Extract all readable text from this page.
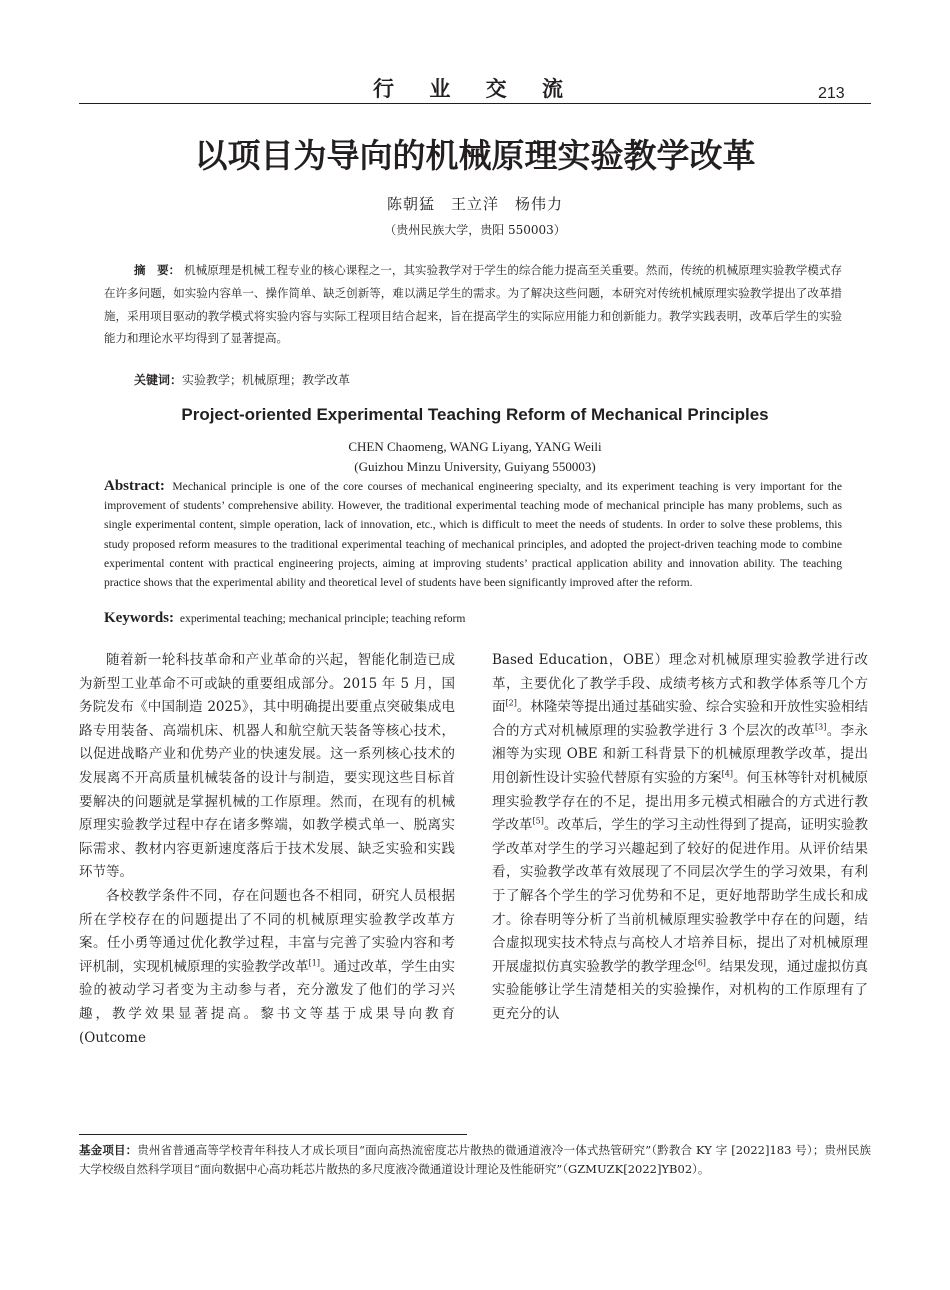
行 业 交 流	213
以项目为导向的机械原理实验教学改革
陈朝猛　王立洋　杨伟力
（贵州民族大学，贵阳 550003）
摘　要： 机械原理是机械工程专业的核心课程之一，其实验教学对于学生的综合能力提高至关重要。然而，传统的机械原理实验教学模式存在许多问题，如实验内容单一、操作简单、缺乏创新等，难以满足学生的需求。为了解决这些问题，本研究对传统机械原理实验教学提出了改革措施，采用项目驱动的教学模式将实验内容与实际工程项目结合起来，旨在提高学生的实际应用能力和创新能力。教学实践表明，改革后学生的实验能力和理论水平均得到了显著提高。
关键词：实验教学；机械原理；教学改革
Project-oriented Experimental Teaching Reform of Mechanical Principles
CHEN Chaomeng, WANG Liyang, YANG Weili
(Guizhou Minzu University, Guiyang 550003)
Abstract: Mechanical principle is one of the core courses of mechanical engineering specialty, and its experiment teaching is very important for the improvement of students’ comprehensive ability. However, the traditional experimental teaching mode of mechanical principle has many problems, such as single experimental content, simple operation, lack of innovation, etc., which is difficult to meet the needs of students. In order to solve these problems, this study proposed reform measures to the traditional experimental teaching of mechanical principles, and adopted the project-driven teaching mode to combine experimental content with practical engineering projects, aiming at improving students’ practical application ability and innovation ability. The teaching practice shows that the experimental ability and theoretical level of students have been significantly improved after the reform.
Keywords: experimental teaching; mechanical principle; teaching reform

随着新一轮科技革命和产业革命的兴起，智能化制造已成为新型工业革命不可或缺的重要组成部分。2015 年 5 月，国务院发布《中国制造 2025》，其中明确提出要重点突破集成电路专用装备、高端机床、机器人和航空航天装备等核心技术，以促进战略产业和优势产业的快速发展。这一系列核心技术的发展离不开高质量机械装备的设计与制造，要实现这些目标首要解决的问题就是掌握机械的工作原理。然而，在现有的机械原理实验教学过程中存在诸多弊端，如教学模式单一、脱离实际需求、教材内容更新速度落后于技术发展、缺乏实验和实践环节等。

各校教学条件不同，存在问题也各不相同，研究人员根据所在学校存在的问题提出了不同的机械原理实验教学改革方案。任小勇等通过优化教学过程，丰富与完善了实验内容和考评机制，实现机械原理的实验教学改革[1]。通过改革，学生由实验的被动学习者变为主动参与者，充分激发了他们的学习兴趣，教学效果显著提高。黎书文等基于成果导向教育(Outcome

Based Education，OBE）理念对机械原理实验教学进行改革，主要优化了教学手段、成绩考核方式和教学体系等几个方面[2]。林隆荣等提出通过基础实验、综合实验和开放性实验相结合的方式对机械原理的实验教学进行 3 个层次的改革[3]。李永湘等为实现 OBE 和新工科背景下的机械原理教学改革，提出用创新性设计实验代替原有实验的方案[4]。何玉林等针对机械原理实验教学存在的不足，提出用多元模式相融合的方式进行教学改革[5]。改革后，学生的学习主动性得到了提高，证明实验教学改革对学生的学习兴趣起到了较好的促进作用。从评价结果看，实验教学改革有效展现了不同层次学生的学习效果，有利于了解各个学生的学习优势和不足，更好地帮助学生成长和成才。徐春明等分析了当前机械原理实验教学中存在的问题，结合虚拟现实技术特点与高校人才培养目标，提出了对机械原理开展虚拟仿真实验教学的教学理念[6]。结果发现，通过虚拟仿真实验能够让学生清楚相关的实验操作，对机构的工作原理有了更充分的认

基金项目：贵州省普通高等学校青年科技人才成长项目“面向高热流密度芯片散热的微通道液冷一体式热管研究”（黔教合 KY 字 [2022]183 号）；贵州民族大学校级自然科学项目“面向数据中心高功耗芯片散热的多尺度液冷微通道设计理论及性能研究”（GZMUZK[2022]YB02）。
